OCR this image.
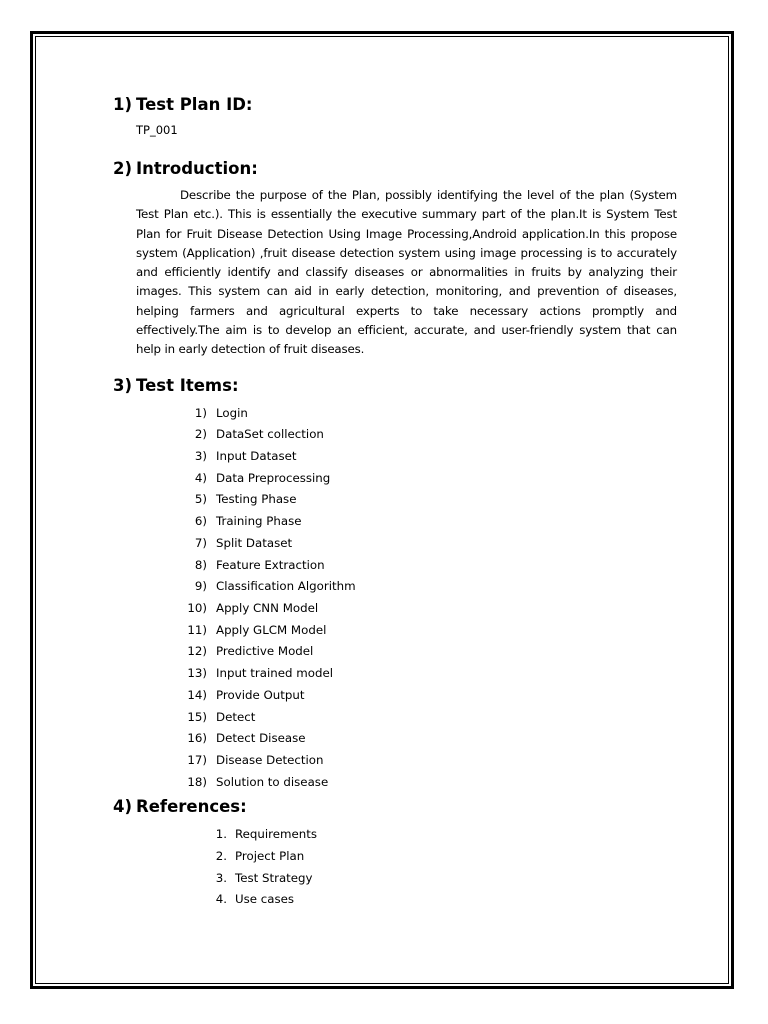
1) Test Plan ID:
TP_001
2) Introduction:

Describe the purpose of the Plan, possibly identifying the level of the plan (System Test Plan etc.). This is essentially the executive summary part of the plan.It is System Test Plan for Fruit Disease Detection Using Image Processing,Android application.In this propose system (Application) ,fruit disease detection system using image processing is to accurately and efficiently identify and classify diseases or abnormalities in fruits by analyzing their images. This system can aid in early detection, monitoring, and prevention of diseases, helping farmers and agricultural experts to take necessary actions promptly and effectively.The aim is to develop an efficient, accurate, and user-friendly system that can help in early detection of fruit diseases.

3) Test Items:
1) Login
2) DataSet collection
3) Input Dataset
4) Data Preprocessing
5) Testing Phase
6) Training Phase
7) Split Dataset
8) Feature Extraction
9) Classification Algorithm
10) Apply CNN Model
11) Apply GLCM Model
12) Predictive Model
13) Input trained model
14) Provide Output
15) Detect
16) Detect Disease
17) Disease Detection
18) Solution to disease
4) References:
1. Requirements
2. Project Plan
3. Test Strategy
4. Use cases
